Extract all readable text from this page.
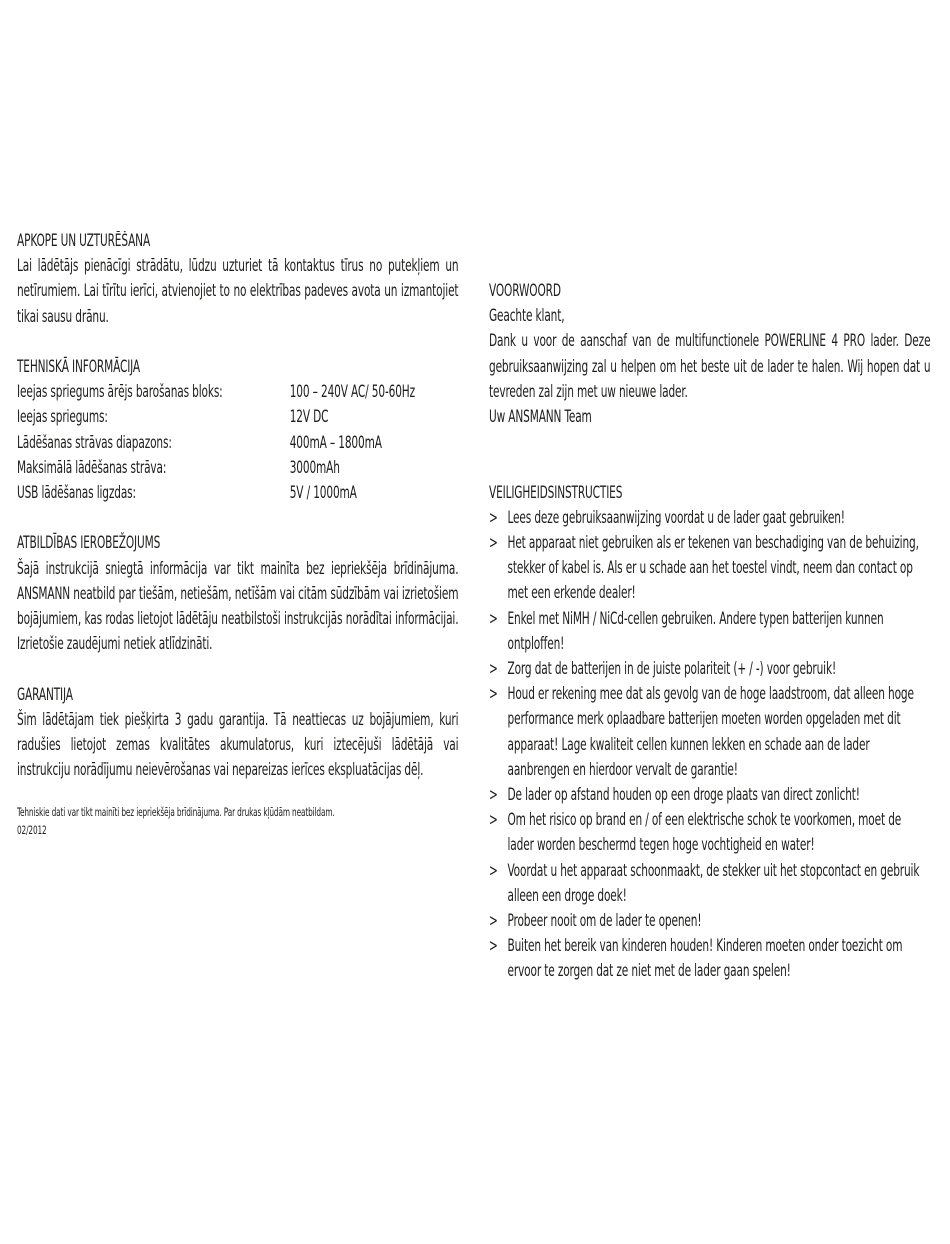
APKOPE UN UZTURĒŠANA

Lai lādētājs pienācīgi strādātu, lūdzu uzturiet tā kontaktus tīrus no putekļiem un netīrumiem. Lai tīrītu ierīci, atvienojiet to no elektrības padeves avota un izmantojiet tikai sausu drānu.

TEHNISKĀ INFORMĀCIJA
Ieejas spriegums ārējs barošanas bloks:	100 – 240V AC/ 50-60Hz
Ieejas spriegums:	12V DC
Lādēšanas strāvas diapazons:	400mA – 1800mA
Maksimālā lādēšanas strāva:	3000mAh
USB lādēšanas ligzdas:	5V / 1000mA
ATBILDĪBAS IEROBEŽOJUMS

Šajā instrukcijā sniegtā informācija var tikt mainīta bez iepriekšēja brīdinājuma. ANSMANN neatbild par tiešām, netiešām, netīšām vai citām sūdzībām vai izrietošiem bojājumiem, kas rodas lietojot lādētāju neatbilstoši instrukcijās norādītai informācijai. Izrietošie zaudējumi netiek atlīdzināti.

GARANTIJA

Šim lādētājam tiek piešķirta 3 gadu garantija. Tā neattiecas uz bojājumiem, kuri radušies lietojot zemas kvalitātes akumulatorus, kuri iztecējuši lādētājā vai instrukciju norādījumu neievērošanas vai nepareizas ierīces ekspluatācijas dēļ.

Tehniskie dati var tikt mainīti bez iepriekšēja brīdinājuma. Par drukas kļūdām neatbildam.

02/2012

VOORWOORD

Geachte klant,

Dank u voor de aanschaf van de multifunctionele POWERLINE 4 PRO lader. Deze gebruiksaanwijzing zal u helpen om het beste uit de lader te halen. Wij hopen dat u tevreden zal zijn met uw nieuwe lader.

Uw ANSMANN Team

VEILIGHEIDSINSTRUCTIES
> Lees deze gebruiksaanwijzing voordat u de lader gaat gebruiken!
> Het apparaat niet gebruiken als er tekenen van beschadiging van de behuizing, stekker of kabel is. Als er u schade aan het toestel vindt, neem dan contact op met een erkende dealer!
> Enkel met NiMH / NiCd-cellen gebruiken. Andere typen batterijen kunnen ontploffen!
> Zorg dat de batterijen in de juiste polariteit (+ / -) voor gebruik!
> Houd er rekening mee dat als gevolg van de hoge laadstroom, dat alleen hoge performance merk oplaadbare batterijen moeten worden opgeladen met dit apparaat! Lage kwaliteit cellen kunnen lekken en schade aan de lader aanbrengen en hierdoor vervalt de garantie!
> De lader op afstand houden op een droge plaats van direct zonlicht!
> Om het risico op brand en / of een elektrische schok te voorkomen, moet de lader worden beschermd tegen hoge vochtigheid en water!
> Voordat u het apparaat schoonmaakt, de stekker uit het stopcontact en gebruik alleen een droge doek!
> Probeer nooit om de lader te openen!
> Buiten het bereik van kinderen houden! Kinderen moeten onder toezicht om ervoor te zorgen dat ze niet met de lader gaan spelen!
